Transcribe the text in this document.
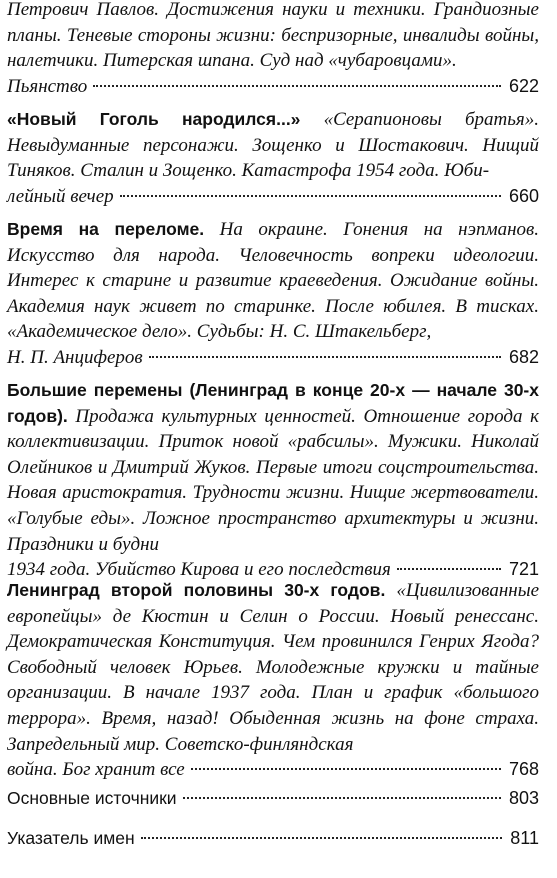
Петрович Павлов. Достижения науки и техники. Грандиозные планы. Теневые стороны жизни: беспризорные, инвалиды войны, налетчики. Питерская шпана. Суд над «чубаровцами».
Пьянство	622
«Новый Гоголь народился...» «Серапионовы братья». Невыдуманные персонажи. Зощенко и Шостакович. Нищий Тиняков. Сталин и Зощенко. Катастрофа 1954 года. Юби-
лейный вечер	660
Время на переломе. На окраине. Гонения на нэпманов. Искусство для народа. Человечность вопреки идеологии. Интерес к старине и развитие краеведения. Ожидание войны. Академия наук живет по старинке. После юбилея. В тисках. «Академическое дело». Судьбы: Н. С. Штакельберг,
Н. П. Анциферов	682
Большие перемены (Ленинград в конце 20-х — начале 30-х годов). Продажа культурных ценностей. Отношение города к коллективизации. Приток новой «рабсилы». Мужики. Николай Олейников и Дмитрий Жуков. Первые итоги соцстроительства. Новая аристократия. Трудности жизни. Нищие жертвователи. «Голубые еды». Ложное пространство архитектуры и жизни. Праздники и будни
1934 года. Убийство Кирова и его последствия	721
Ленинград второй половины 30-х годов. «Цивилизованные европейцы» де Кюстин и Селин о России. Новый ренессанс. Демократическая Конституция. Чем провинился Генрих Ягода? Свободный человек Юрьев. Молодежные кружки и тайные организации. В начале 1937 года. План и график «большого террора». Время, назад! Обыденная жизнь на фоне страха. Запредельный мир. Советско-финляндская
война. Бог хранит все	768
Основные источники	803
Указатель имен	811
